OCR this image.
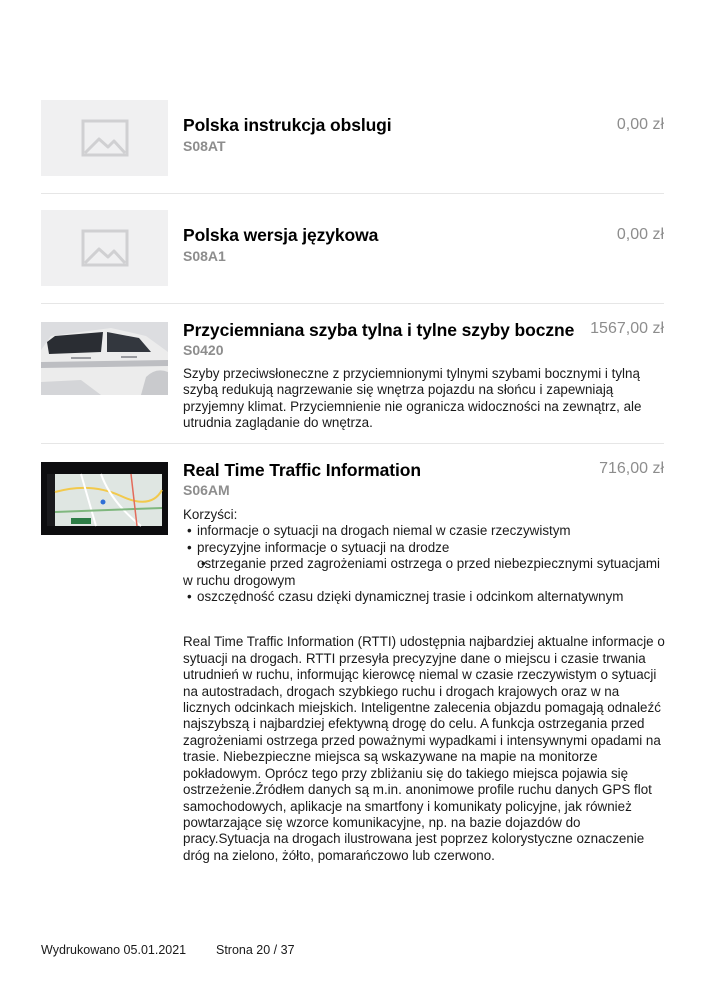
Polska instrukcja obslugi
S08AT
0,00 zł
Polska wersja językowa
S08A1
0,00 zł
Przyciemniana szyba tylna i tylne szyby boczne
S0420
1567,00 zł
Szyby przeciwsłoneczne z przyciemnionymi tylnymi szybami bocznymi i tylną szybą redukują nagrzewanie się wnętrza pojazdu na słońcu i zapewniają przyjemny klimat. Przyciemnienie nie ogranicza widoczności na zewnątrz, ale utrudnia zaglądanie do wnętrza.
Real Time Traffic Information
S06AM
716,00 zł
Korzyści:
• informacje o sytuacji na drogach niemal w czasie rzeczywistym
• precyzyjne informacje o sytuacji na drodze
• ostrzeganie przed zagrożeniami ostrzega o przed niebezpiecznymi sytuacjami w ruchu drogowym
• oszczędność czasu dzięki dynamicznej trasie i odcinkom alternatywnym
Real Time Traffic Information (RTTI) udostępnia najbardziej aktualne informacje o sytuacji na drogach. RTTI przesyła precyzyjne dane o miejscu i czasie trwania utrudnień w ruchu, informując kierowcę niemal w czasie rzeczywistym o sytuacji na autostradach, drogach szybkiego ruchu i drogach krajowych oraz w na licznych odcinkach miejskich. Inteligentne zalecenia objazdu pomagają odnaleźć najszybszą i najbardziej efektywną drogę do celu. A funkcja ostrzegania przed zagrożeniami ostrzega przed poważnymi wypadkami i intensywnymi opadami na trasie. Niebezpieczne miejsca są wskazywane na mapie na monitorze pokładowym. Oprócz tego przy zbliżaniu się do takiego miejsca pojawia się ostrzeżenie.Źródłem danych są m.in. anonimowe profile ruchu danych GPS flot samochodowych, aplikacje na smartfony i komunikaty policyjne, jak również powtarzające się wzorce komunikacyjne, np. na bazie dojazdów do pracy.Sytuacja na drogach ilustrowana jest poprzez kolorystyczne oznaczenie dróg na zielono, żółto, pomarańczowo lub czerwono.
Wydrukowano 05.01.2021 Strona 20 / 37
